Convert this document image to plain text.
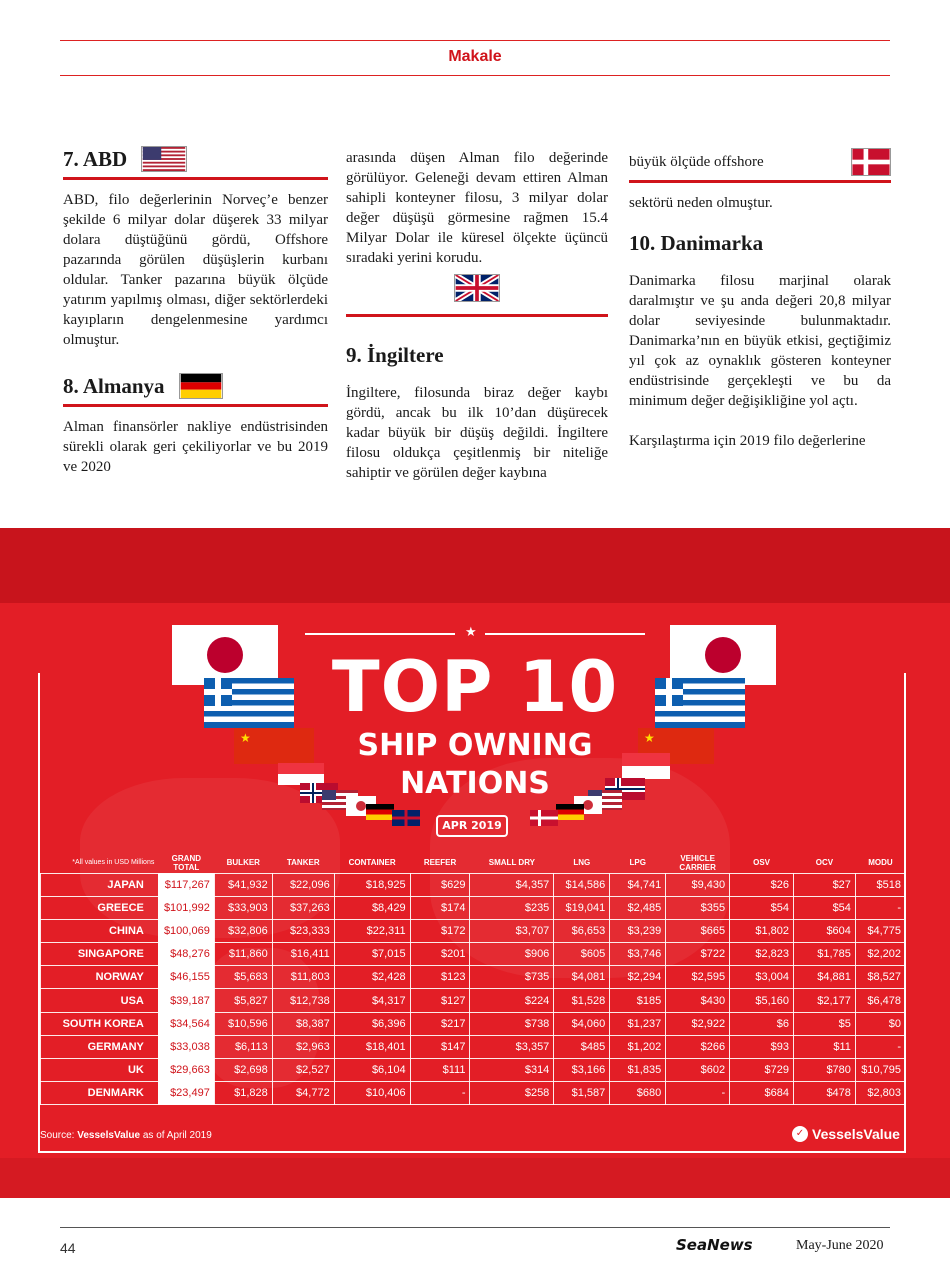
Makale
7. ABD

ABD, filo değerlerinin Norveç’e benzer şekilde 6 milyar dolar düşerek 33 milyar dolara düştüğünü gördü, Offshore pazarında görülen düşüşlerin kurbanı oldular. Tanker pazarına büyük ölçüde yatırım yapılmış olması, diğer sektörlerdeki kayıpların dengelenmesine yardımcı olmuştur.

8. Almanya

Alman finansörler nakliye endüstrisinden sürekli olarak geri çekiliyorlar ve bu 2019 ve 2020

arasında düşen Alman filo değerinde görülüyor. Geleneği devam ettiren Alman sahipli konteyner filosu, 3 milyar dolar değer düşüşü görmesine rağmen 15.4 Milyar Dolar ile küresel ölçekte üçüncü sıradaki yerini korudu.

9. İngiltere

İngiltere, filosunda biraz değer kaybı gördü, ancak bu ilk 10’dan düşürecek kadar büyük bir düşüş değildi. İngiltere filosu oldukça çeşitlenmiş bir niteliğe sahiptir ve görülen değer kaybına

büyük ölçüde offshore

sektörü neden olmuştur.

10. Danimarka

Danimarka filosu marjinal olarak daralmıştır ve şu anda değeri 20,8 milyar dolar seviyesinde bulunmaktadır. Danimarka’nın en büyük etkisi, geçtiğimiz yıl çok az oynaklık gösteren konteyner endüstrisinde gerçekleşti ve bu da minimum değer değişikliğine yol açtı.

Karşılaştırma için 2019 filo değerlerine

★
★	★
TOP 10
SHIP OWNING
NATIONS
APR 2019
*All values in USD Millions	GRAND TOTAL	BULKER	TANKER	CONTAINER	REEFER	SMALL DRY	LNG	LPG	VEHICLE CARRIER	OSV	OCV	MODU
JAPAN	$117,267	$41,932	$22,096	$18,925	$629	$4,357	$14,586	$4,741	$9,430	$26	$27	$518
GREECE	$101,992	$33,903	$37,263	$8,429	$174	$235	$19,041	$2,485	$355	$54	$54	-
CHINA	$100,069	$32,806	$23,333	$22,311	$172	$3,707	$6,653	$3,239	$665	$1,802	$604	$4,775
SINGAPORE	$48,276	$11,860	$16,411	$7,015	$201	$906	$605	$3,746	$722	$2,823	$1,785	$2,202
NORWAY	$46,155	$5,683	$11,803	$2,428	$123	$735	$4,081	$2,294	$2,595	$3,004	$4,881	$8,527
USA	$39,187	$5,827	$12,738	$4,317	$127	$224	$1,528	$185	$430	$5,160	$2,177	$6,478
SOUTH KOREA	$34,564	$10,596	$8,387	$6,396	$217	$738	$4,060	$1,237	$2,922	$6	$5	$0
GERMANY	$33,038	$6,113	$2,963	$18,401	$147	$3,357	$485	$1,202	$266	$93	$11	-
UK	$29,663	$2,698	$2,527	$6,104	$111	$314	$3,166	$1,835	$602	$729	$780	$10,795
DENMARK	$23,497	$1,828	$4,772	$10,406	-	$258	$1,587	$680	-	$684	$478	$2,803
Source: VesselsValue as of April 2019	✓ VesselsValue
44	SeaNews	May-June 2020
